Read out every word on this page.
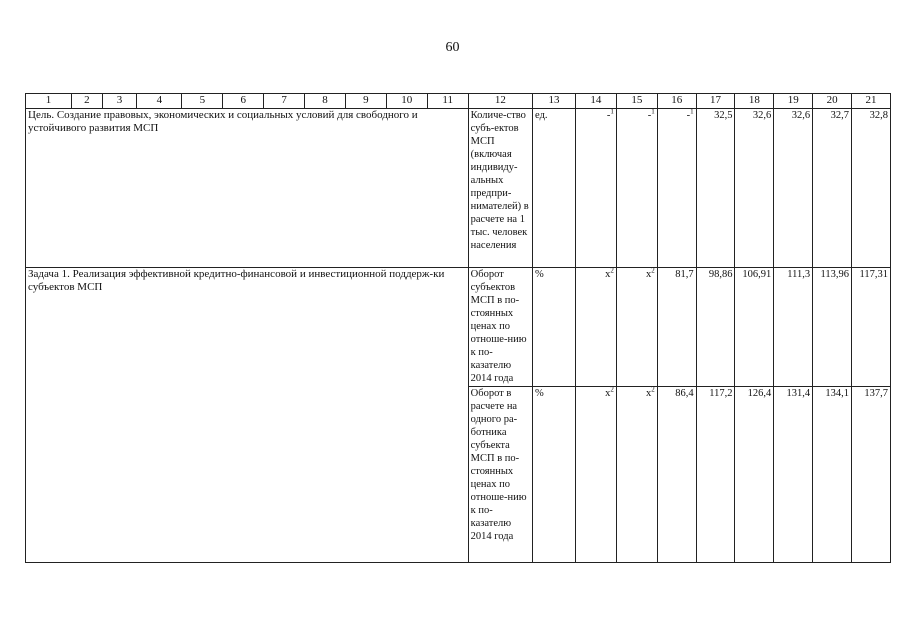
60
1	2	3	4	5	6	7	8	9	10	11	12	13	14	15	16	17	18	19	20	21
Цель. Создание правовых, экономических и социальных условий для свободного и устойчивого развития МСП											Количе-ство субъ-ектов МСП (включая индивиду-альных предпри-нимателей) в расчете на 1 тыс. человек населения	ед.	-$^1$	-$^1$	-$^1$	32,5	32,6	32,6	32,7	32,8
Задача 1. Реализация эффективной кредитно-финансовой и инвестиционной поддерж-ки субъектов МСП											Оборот субъектов МСП в по-стоянных ценах по отноше-нию к по-казателю 2014 года	%	$x^2$	$x^2$	81,7	98,86	106,91	111,3	113,96	117,31
											Оборот в расчете на одного ра-ботника субъекта МСП в по-стоянных ценах по отноше-нию к по-казателю 2014 года	%	$x^2$	$x^2$	86,4	117,2	126,4	131,4	134,1	137,7
